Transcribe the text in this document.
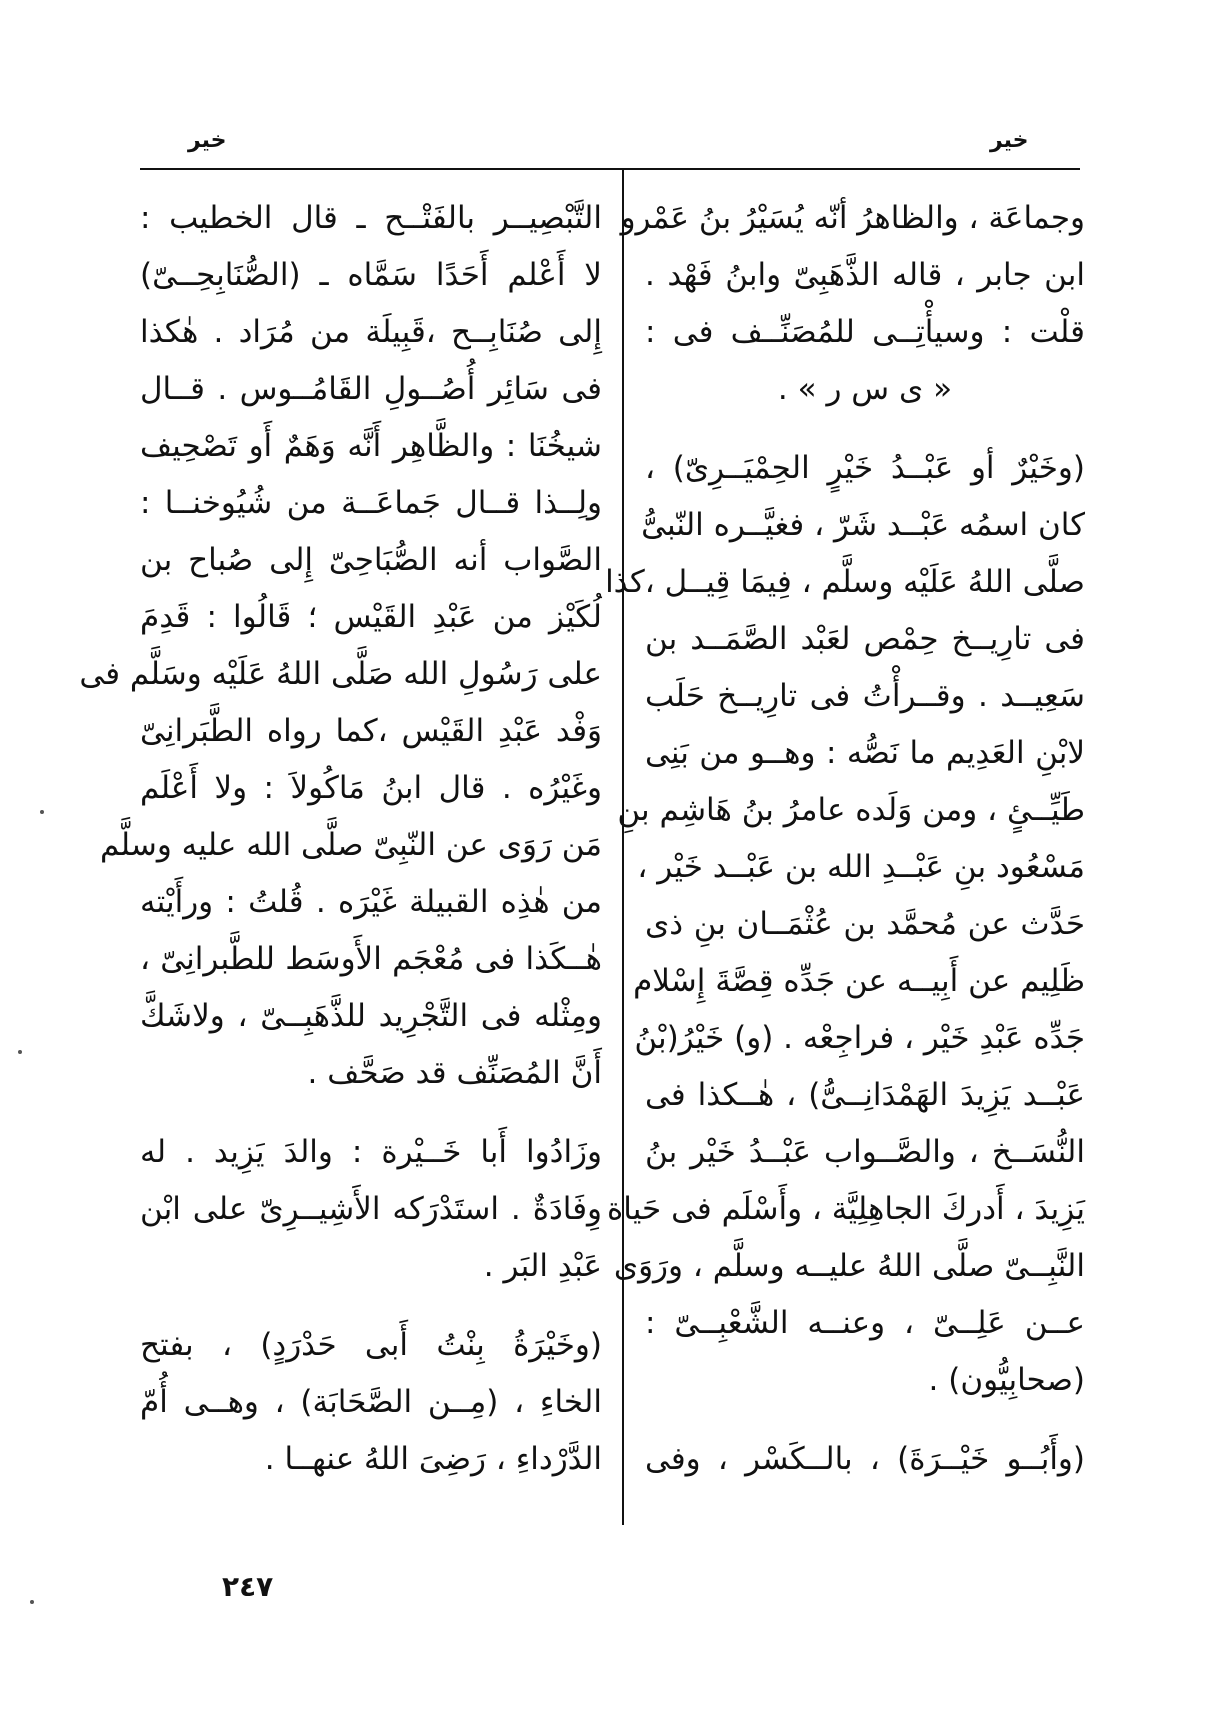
خير
خير
وجماعَة ، والظاهرُ أنّه يُسَيْرُ بنُ عَمْرو
ابن جابر ، قاله الذَّهَبِىّ وابنُ فَهْد .
قلْت : وسيأْتِــى للمُصَنِّــف فى :
« ى س ر » .
(وخَيْرٌ أو عَبْــدُ خَيْرٍ الحِمْيَــرِىّ) ،
كان اسمُه عَبْــد شَرّ ، فغيَّــره النّبىُّ
صلَّى اللهُ عَلَيْه وسلَّم ، فِيمَا قِيــل ،كذا
فى تارِيــخ حِمْص لعَبْد الصَّمَــد بن
سَعِيــد . وقــرأْتُ فى تارِيــخ حَلَب
لابْنِ العَدِيم ما نَصُّه : وهــو من بَنِى
طَيِّــئٍ ، ومن وَلَده عامرُ بنُ هَاشِم بنِ
مَسْعُود بنِ عَبْــدِ الله بن عَبْــد خَيْر ،
حَدَّث عن مُحمَّد بن عُثْمَــان بنِ ذى
ظَلِيم عن أَبِيــه عن جَدِّه قِصَّةَ إِسْلام
جَدِّه عَبْدِ خَيْر ، فراجِعْه . (و) خَيْرُ(بْنُ
عَبْــد يَزِيدَ الهَمْدَانِــىُّ) ، هٰــكذا فى
النُّسَــخ ، والصَّــواب عَبْــدُ خَيْر بنُ
يَزِيدَ ، أَدركَ الجاهِلِيَّة ، وأَسْلَم فى حَياة
النَّبِــىّ صلَّى اللهُ عليــه وسلَّم ، ورَوَى
عــن عَلِــىّ ، وعنــه الشَّعْبِــىّ :
(صحابِيُّون) .
(وأَبُــو خَيْــرَةَ) ، بالــكَسْر ، وفى
التَّبْصِيــر بالفَتْــح ـ قال الخطيب :
لا أَعْلم أَحَدًا سَمَّاه ـ (الصُّنَابِحِــىّ)
إِلى صُنَابِــح ،قَبِيلَة من مُرَاد . هٰكذا
فى سَائِر أُصُــولِ القَامُــوس . قــال
شيخُنَا : والظَّاهِر أَنَّه وَهَمٌ أَو تَصْحِيف
ولِــذا قــال جَماعَــة من شُيُوخنــا :
الصَّواب أنه الصُّبَاحِىّ إِلى صُباح بن
لُكَيْز من عَبْدِ القَيْس ؛ قَالُوا : قَدِمَ
على رَسُولِ الله صَلَّى اللهُ عَلَيْه وسَلَّم فى
وَفْد عَبْدِ القَيْس ،كما رواه الطَّبَرانِىّ
وغَيْرُه . قال ابنُ مَاكُولاَ : ولا أَعْلَم
مَن رَوَى عن النّبِىّ صلَّى الله عليه وسلَّم
من هٰذِه القبيلة غَيْرَه . قُلتُ : ورأَيْته
هٰــكَذا فى مُعْجَم الأَوسَط للطَّبرانِىّ ،
ومِثْله فى التَّجْرِيد للذَّهَبِــىّ ، ولاشَكَّ
أَنَّ المُصَنِّف قد صَحَّف .
وزَادُوا أَبا خَــيْرة : والدَ يَزِيد . له
وِفَادَةٌ . استَدْرَكه الأَشِيــرِىّ على ابْن
عَبْدِ البَر .
(وخَيْرَةُ بِنْتُ أَبى حَدْرَدٍ) ، بفتح
الخاءِ ، (مِــن الصَّحَابَة) ، وهــى أُمّ
الدَّرْداءِ ، رَضِىَ اللهُ عنهــا .
٢٤٧
